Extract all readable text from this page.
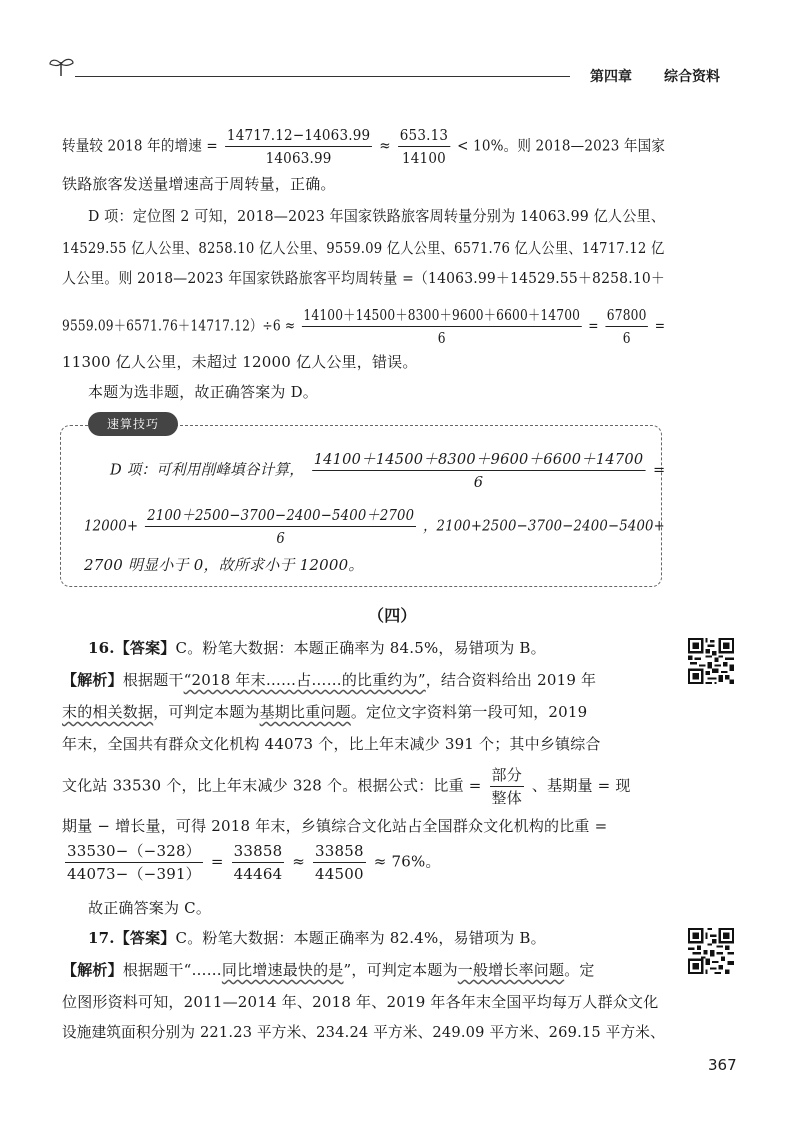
第四章 综合资料
转量较 2018 年的增速 = $\frac{14717.12-14063.99}{14063.99} \approx \frac{653.13}{14100} < 10\%$。则 2018—2023 年国家
铁路旅客发送量增速高于周转量，正确。
D 项：定位图 2 可知，2018—2023 年国家铁路旅客周转量分别为 14063.99 亿人公里、
14529.55 亿人公里、8258.10 亿人公里、9559.09 亿人公里、6571.76 亿人公里、14717.12 亿
人公里。则 2018—2023 年国家铁路旅客平均周转量 =（14063.99＋14529.55＋8258.10＋
$9559.09+6571.76+14717.12)\div 6 \approx \frac{14100+14500+8300+9600+6600+14700}{6} = \frac{67800}{6}$ =
11300 亿人公里，未超过 12000 亿人公里，错误。
本题为选非题，故正确答案为 D。
速算技巧
D 项：可利用削峰填谷计算， $\frac{14100+14500+8300+9600+6600+14700}{6}$ =
$12000+ \frac{2100+2500-3700-2400-5400+2700}{6}$ ，2100+2500−3700−2400−5400+
2700 明显小于 0，故所求小于 12000。
（四）
16.【答案】C。粉笔大数据：本题正确率为 84.5%，易错项为 B。
【解析】根据题干“2018 年末……占……的比重约为”，结合资料给出 2019 年
末的相关数据，可判定本题为基期比重问题。定位文字资料第一段可知，2019
年末，全国共有群众文化机构 44073 个，比上年末减少 391 个；其中乡镇综合
文化站 33530 个，比上年末减少 328 个。根据公式：比重 = $\frac{\text{部分}}{\text{整体}}$ 、基期量 = 现
期量 − 增长量，可得 2018 年末，乡镇综合文化站占全国群众文化机构的比重 =
$\frac{33530-(-328)}{44073-(-391)} = \frac{33858}{44464} \approx \frac{33858}{44500} \approx 76\%$。
故正确答案为 C。
17.【答案】C。粉笔大数据：本题正确率为 82.4%，易错项为 B。
【解析】根据题干“……同比增速最快的是”，可判定本题为一般增长率问题。定
位图形资料可知，2011—2014 年、2018 年、2019 年各年末全国平均每万人群众文化
设施建筑面积分别为 221.23 平方米、234.24 平方米、249.09 平方米、269.15 平方米、
367
